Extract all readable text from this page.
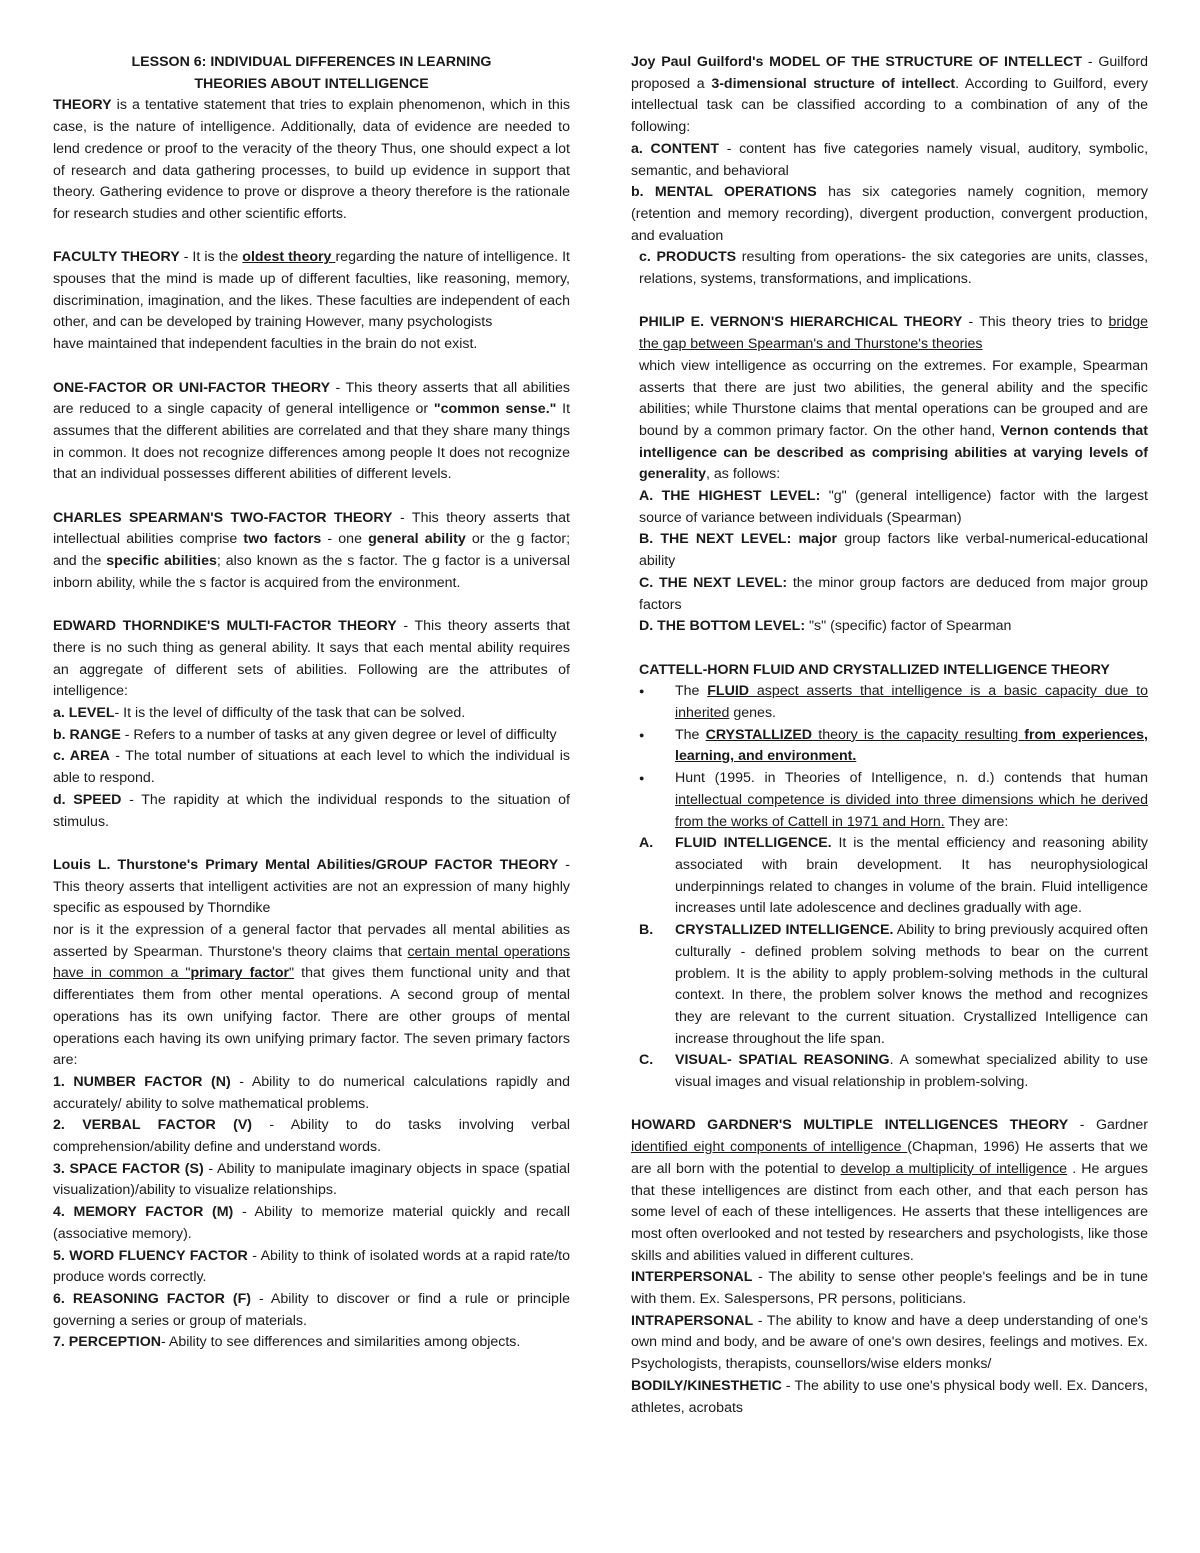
LESSON 6: INDIVIDUAL DIFFERENCES IN LEARNING

THEORIES ABOUT INTELLIGENCE

THEORY is a tentative statement that tries to explain phenomenon, which in this case, is the nature of intelligence. Additionally, data of evidence are needed to lend credence or proof to the veracity of the theory Thus, one should expect a lot of research and data gathering processes, to build up evidence in support that theory. Gathering evidence to prove or disprove a theory therefore is the rationale for research studies and other scientific efforts.

FACULTY THEORY - It is the oldest theory regarding the nature of intelligence. It spouses that the mind is made up of different faculties, like reasoning, memory, discrimination, imagination, and the likes. These faculties are independent of each other, and can be developed by training However, many psychologists

have maintained that independent faculties in the brain do not exist.

ONE-FACTOR OR UNI-FACTOR THEORY - This theory asserts that all abilities are reduced to a single capacity of general intelligence or "common sense." It assumes that the different abilities are correlated and that they share many things in common. It does not recognize differences among people It does not recognize that an individual possesses different abilities of different levels.

CHARLES SPEARMAN'S TWO-FACTOR THEORY - This theory asserts that intellectual abilities comprise two factors - one general ability or the g factor; and the specific abilities; also known as the s factor. The g factor is a universal inborn ability, while the s factor is acquired from the environment.

EDWARD THORNDIKE'S MULTI-FACTOR THEORY - This theory asserts that there is no such thing as general ability. It says that each mental ability requires an aggregate of different sets of abilities. Following are the attributes of intelligence:

a. LEVEL- It is the level of difficulty of the task that can be solved.

b. RANGE - Refers to a number of tasks at any given degree or level of difficulty

c. AREA - The total number of situations at each level to which the individual is able to respond.

d. SPEED - The rapidity at which the individual responds to the situation of stimulus.

Louis L. Thurstone's Primary Mental Abilities/GROUP FACTOR THEORY - This theory asserts that intelligent activities are not an expression of many highly specific as espoused by Thorndike

nor is it the expression of a general factor that pervades all mental abilities as asserted by Spearman. Thurstone's theory claims that certain mental operations have in common a "primary factor" that gives them functional unity and that differentiates them from other mental operations. A second group of mental operations has its own unifying factor. There are other groups of mental operations each having its own unifying primary factor. The seven primary factors are:

1. NUMBER FACTOR (N) - Ability to do numerical calculations rapidly and accurately/ ability to solve mathematical problems.

2. VERBAL FACTOR (V) - Ability to do tasks involving verbal comprehension/ability define and understand words.

3. SPACE FACTOR (S) - Ability to manipulate imaginary objects in space (spatial visualization)/ability to visualize relationships.

4. MEMORY FACTOR (M) - Ability to memorize material quickly and recall (associative memory).

5. WORD FLUENCY FACTOR - Ability to think of isolated words at a rapid rate/to produce words correctly.

6. REASONING FACTOR (F) - Ability to discover or find a rule or principle governing a series or group of materials.

7. PERCEPTION- Ability to see differences and similarities among objects.

Joy Paul Guilford's MODEL OF THE STRUCTURE OF INTELLECT - Guilford proposed a 3-dimensional structure of intellect. According to Guilford, every intellectual task can be classified according to a combination of any of the following:

a. CONTENT - content has five categories namely visual, auditory, symbolic, semantic, and behavioral

b. MENTAL OPERATIONS has six categories namely cognition, memory (retention and memory recording), divergent production, convergent production, and evaluation

c. PRODUCTS resulting from operations- the six categories are units, classes, relations, systems, transformations, and implications.

PHILIP E. VERNON'S HIERARCHICAL THEORY - This theory tries to bridge the gap between Spearman's and Thurstone's theories

which view intelligence as occurring on the extremes. For example, Spearman asserts that there are just two abilities, the general ability and the specific abilities; while Thurstone claims that mental operations can be grouped and are bound by a common primary factor. On the other hand, Vernon contends that intelligence can be described as comprising abilities at varying levels of generality, as follows:

A. THE HIGHEST LEVEL: "g" (general intelligence) factor with the largest source of variance between individuals (Spearman)

B. THE NEXT LEVEL: major group factors like verbal-numerical-educational ability

C. THE NEXT LEVEL: the minor group factors are deduced from major group factors

D. THE BOTTOM LEVEL: "s" (specific) factor of Spearman

CATTELL-HORN FLUID AND CRYSTALLIZED INTELLIGENCE THEORY

● The FLUID aspect asserts that intelligence is a basic capacity due to inherited genes.

● The CRYSTALLIZED theory is the capacity resulting from experiences, learning, and environment.

● Hunt (1995. in Theories of Intelligence, n. d.) contends that human intellectual competence is divided into three dimensions which he derived from the works of Cattell in 1971 and Horn. They are:

A. FLUID INTELLIGENCE. It is the mental efficiency and reasoning ability associated with brain development. It has neurophysiological underpinnings related to changes in volume of the brain. Fluid intelligence increases until late adolescence and declines gradually with age.

B. CRYSTALLIZED INTELLIGENCE. Ability to bring previously acquired often culturally - defined problem solving methods to bear on the current problem. It is the ability to apply problem-solving methods in the cultural context. In there, the problem solver knows the method and recognizes they are relevant to the current situation. Crystallized Intelligence can increase throughout the life span.

C. VISUAL- SPATIAL REASONING. A somewhat specialized ability to use visual images and visual relationship in problem-solving.

HOWARD GARDNER'S MULTIPLE INTELLIGENCES THEORY - Gardner identified eight components of intelligence (Chapman, 1996) He asserts that we are all born with the potential to develop a multiplicity of intelligence . He argues that these intelligences are distinct from each other, and that each person has some level of each of these intelligences. He asserts that these intelligences are most often overlooked and not tested by researchers and psychologists, like those skills and abilities valued in different cultures.

INTERPERSONAL - The ability to sense other people's feelings and be in tune with them. Ex. Salespersons, PR persons, politicians.

INTRAPERSONAL - The ability to know and have a deep understanding of one's own mind and body, and be aware of one's own desires, feelings and motives. Ex. Psychologists, therapists, counsellors/wise elders monks/

BODILY/KINESTHETIC - The ability to use one's physical body well. Ex. Dancers, athletes, acrobats
